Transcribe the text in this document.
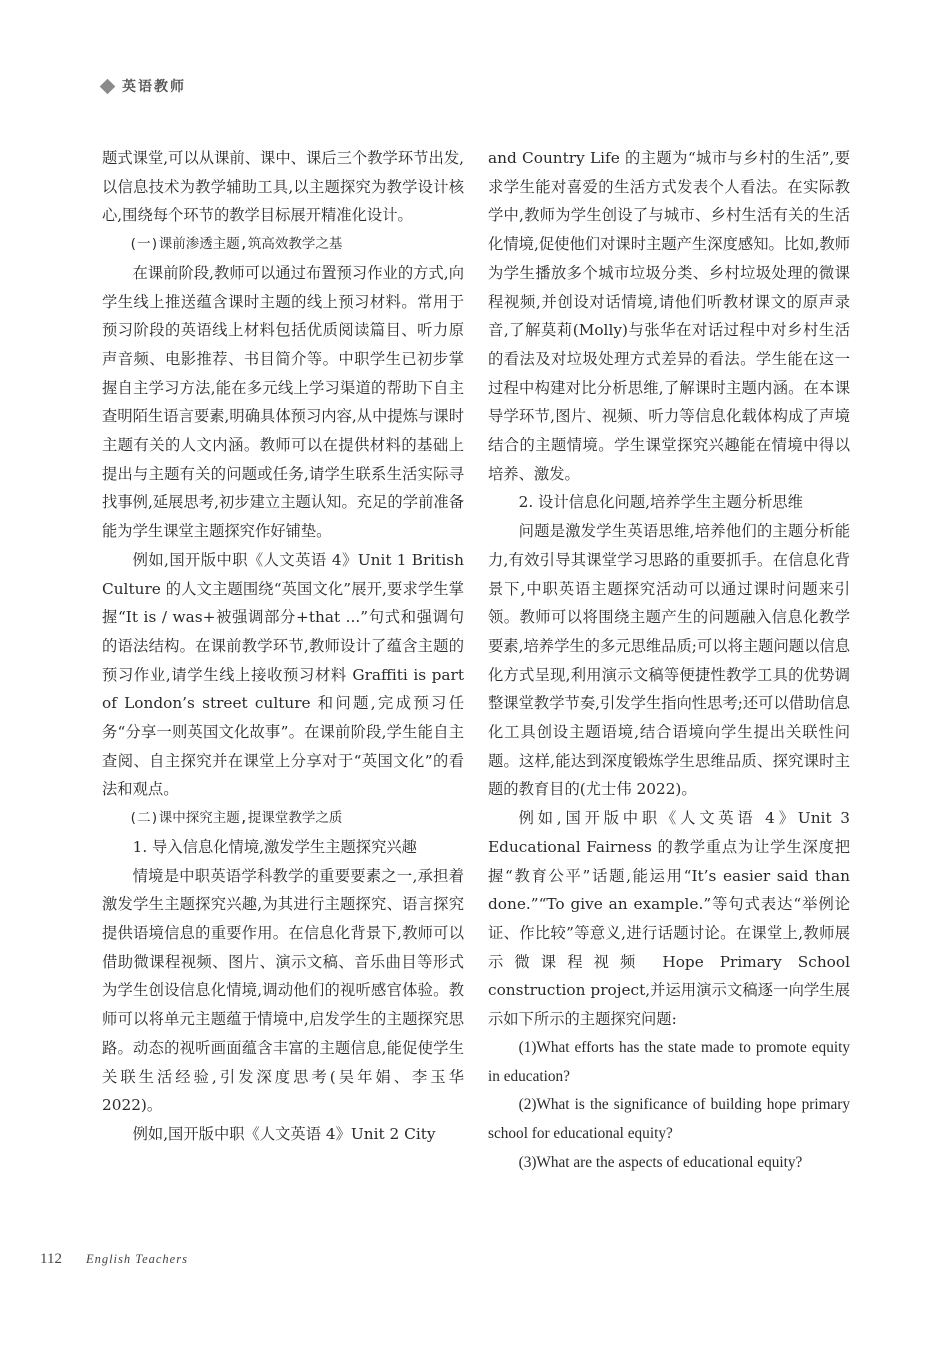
英语教师

题式课堂,可以从课前、课中、课后三个教学环节出发,以信息技术为教学辅助工具,以主题探究为教学设计核心,围绕每个环节的教学目标展开精准化设计。

(一)课前渗透主题,筑高效教学之基

在课前阶段,教师可以通过布置预习作业的方式,向学生线上推送蕴含课时主题的线上预习材料。常用于预习阶段的英语线上材料包括优质阅读篇目、听力原声音频、电影推荐、书目简介等。中职学生已初步掌握自主学习方法,能在多元线上学习渠道的帮助下自主查明陌生语言要素,明确具体预习内容,从中提炼与课时主题有关的人文内涵。教师可以在提供材料的基础上提出与主题有关的问题或任务,请学生联系生活实际寻找事例,延展思考,初步建立主题认知。充足的学前准备能为学生课堂主题探究作好铺垫。

例如,国开版中职《人文英语 4》Unit 1 British Culture 的人文主题围绕“英国文化”展开,要求学生掌握“It is / was+被强调部分+that ...”句式和强调句的语法结构。在课前教学环节,教师设计了蕴含主题的预习作业,请学生线上接收预习材料 Graffiti is part of London’s street culture 和问题,完成预习任务“分享一则英国文化故事”。在课前阶段,学生能自主查阅、自主探究并在课堂上分享对于“英国文化”的看法和观点。

(二)课中探究主题,提课堂教学之质

1. 导入信息化情境,激发学生主题探究兴趣

情境是中职英语学科教学的重要要素之一,承担着激发学生主题探究兴趣,为其进行主题探究、语言探究提供语境信息的重要作用。在信息化背景下,教师可以借助微课程视频、图片、演示文稿、音乐曲目等形式为学生创设信息化情境,调动他们的视听感官体验。教师可以将单元主题蕴于情境中,启发学生的主题探究思路。动态的视听画面蕴含丰富的主题信息,能促使学生关联生活经验,引发深度思考(吴年娟、李玉华 2022)。

例如,国开版中职《人文英语 4》Unit 2 City

and Country Life 的主题为“城市与乡村的生活”,要求学生能对喜爱的生活方式发表个人看法。在实际教学中,教师为学生创设了与城市、乡村生活有关的生活化情境,促使他们对课时主题产生深度感知。比如,教师为学生播放多个城市垃圾分类、乡村垃圾处理的微课程视频,并创设对话情境,请他们听教材课文的原声录音,了解莫莉(Molly)与张华在对话过程中对乡村生活的看法及对垃圾处理方式差异的看法。学生能在这一过程中构建对比分析思维,了解课时主题内涵。在本课导学环节,图片、视频、听力等信息化载体构成了声境结合的主题情境。学生课堂探究兴趣能在情境中得以培养、激发。

2. 设计信息化问题,培养学生主题分析思维

问题是激发学生英语思维,培养他们的主题分析能力,有效引导其课堂学习思路的重要抓手。在信息化背景下,中职英语主题探究活动可以通过课时问题来引领。教师可以将围绕主题产生的问题融入信息化教学要素,培养学生的多元思维品质;可以将主题问题以信息化方式呈现,利用演示文稿等便捷性教学工具的优势调整课堂教学节奏,引发学生指向性思考;还可以借助信息化工具创设主题语境,结合语境向学生提出关联性问题。这样,能达到深度锻炼学生思维品质、探究课时主题的教育目的(尤士伟 2022)。

例如,国开版中职《人文英语 4》Unit 3 Educational Fairness 的教学重点为让学生深度把握“教育公平”话题,能运用“It’s easier said than done.”“To give an example.”等句式表达“举例论证、作比较”等意义,进行话题讨论。在课堂上,教师展示微课程视频 Hope Primary School construction project,并运用演示文稿逐一向学生展示如下所示的主题探究问题:

(1)What efforts has the state made to promote equity in education?

(2)What is the significance of building hope primary school for educational equity?

(3)What are the aspects of educational equity?

112 English Teachers
